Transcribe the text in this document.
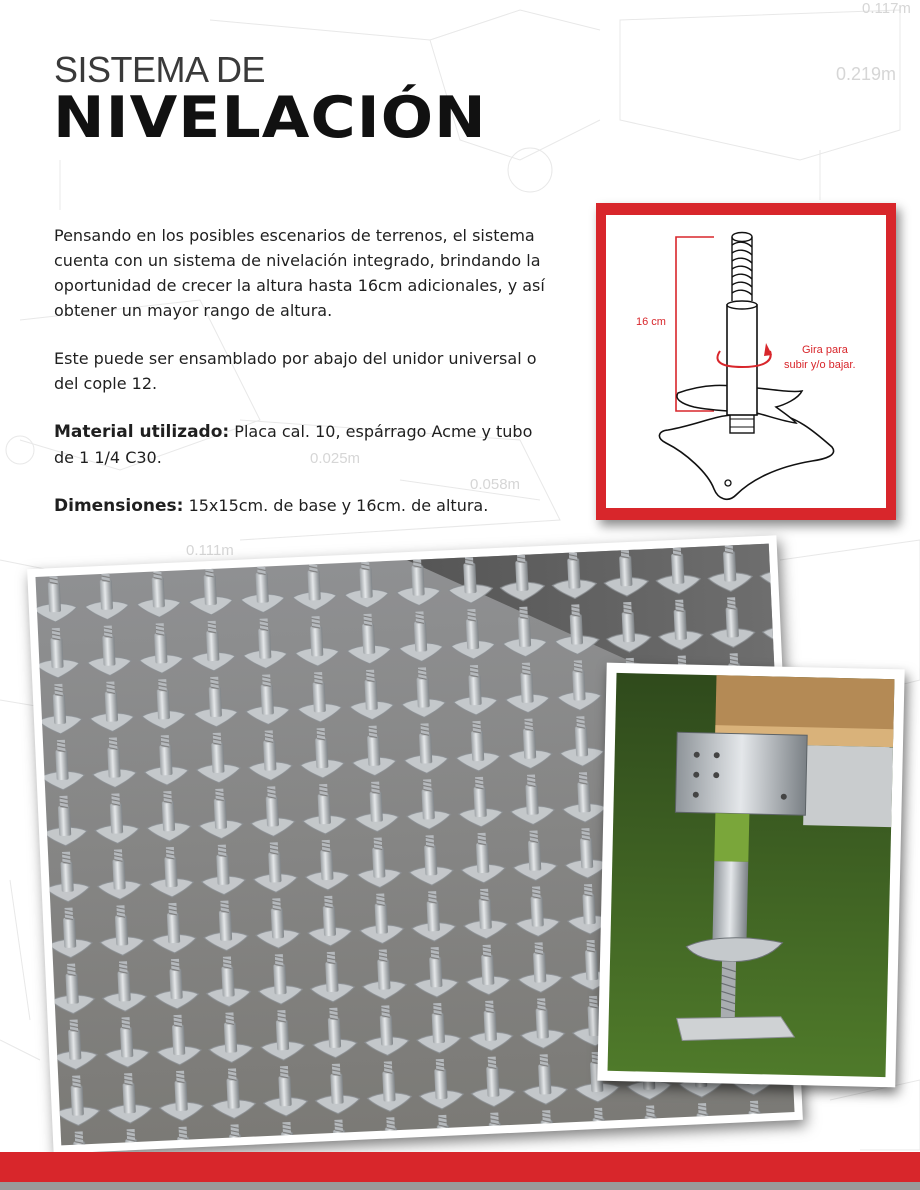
0.117m
0.219m
0.025m
0.111m
0.058m
SISTEMA DE
NIVELACIÓN

Pensando en los posibles escenarios de terrenos, el sistema cuenta con un sistema de nivelación integrado, brindando la oportunidad de crecer la altura hasta 16cm adicionales, y así obtener un mayor rango de altura.

Este puede ser ensamblado por abajo del unidor universal o del cople 12.

Material utilizado: Placa cal. 10, espárrago Acme y tubo de 1 1/4 C30.

Dimensiones: 15x15cm. de base y 16cm. de altura.

16 cm
Gira para
subir y/o bajar.
